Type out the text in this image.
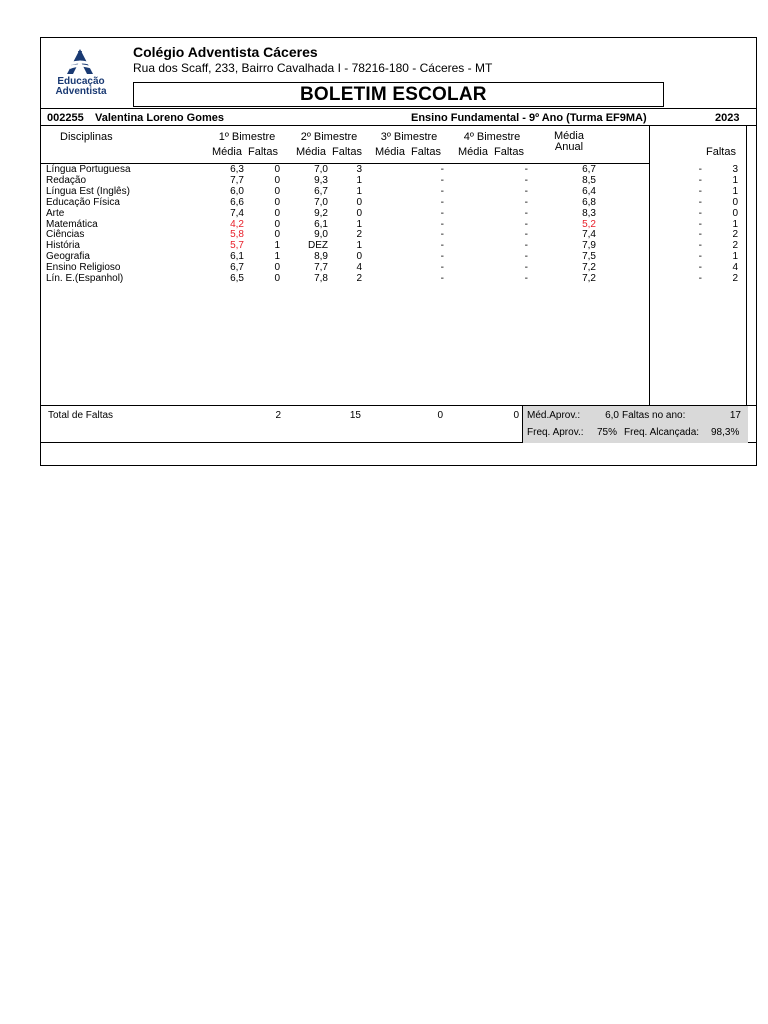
Educação
Adventista
Colégio Adventista Cáceres
Rua dos Scaff, 233, Bairro Cavalhada I - 78216-180 - Cáceres - MT
BOLETIM ESCOLAR
002255 Valentina Loreno Gomes	Ensino Fundamental - 9º Ano (Turma EF9MA)	2023
Disciplinas	1º Bimestre
Média Faltas
2º Bimestre
Média Faltas
3º Bimestre
Média Faltas
4º Bimestre
Média Faltas
Média
Anual	Faltas
Língua Portuguesa	6,3	0	7,0	3	-	-	6,7	-	3
Redação	7,7	0	9,3	1	-	-	8,5	-	1
Língua Est (Inglês)	6,0	0	6,7	1	-	-	6,4	-	1
Educação Física	6,6	0	7,0	0	-	-	6,8	-	0
Arte	7,4	0	9,2	0	-	-	8,3	-	0
Matemática	4,2	0	6,1	1	-	-	5,2	-	1
Ciências	5,8	0	9,0	2	-	-	7,4	-	2
História	5,7	1	DEZ	1	-	-	7,9	-	2
Geografia	6,1	1	8,9	0	-	-	7,5	-	1
Ensino Religioso	6,7	0	7,7	4	-	-	7,2	-	4
Lín. E.(Espanhol)	6,5	0	7,8	2	-	-	7,2	-	2
Total de Faltas	2	15	0	0 Méd.Aprov.:	6,0 Faltas no ano:	17
Freq. Aprov.: 75% Freq. Alcançada: 98,3%
